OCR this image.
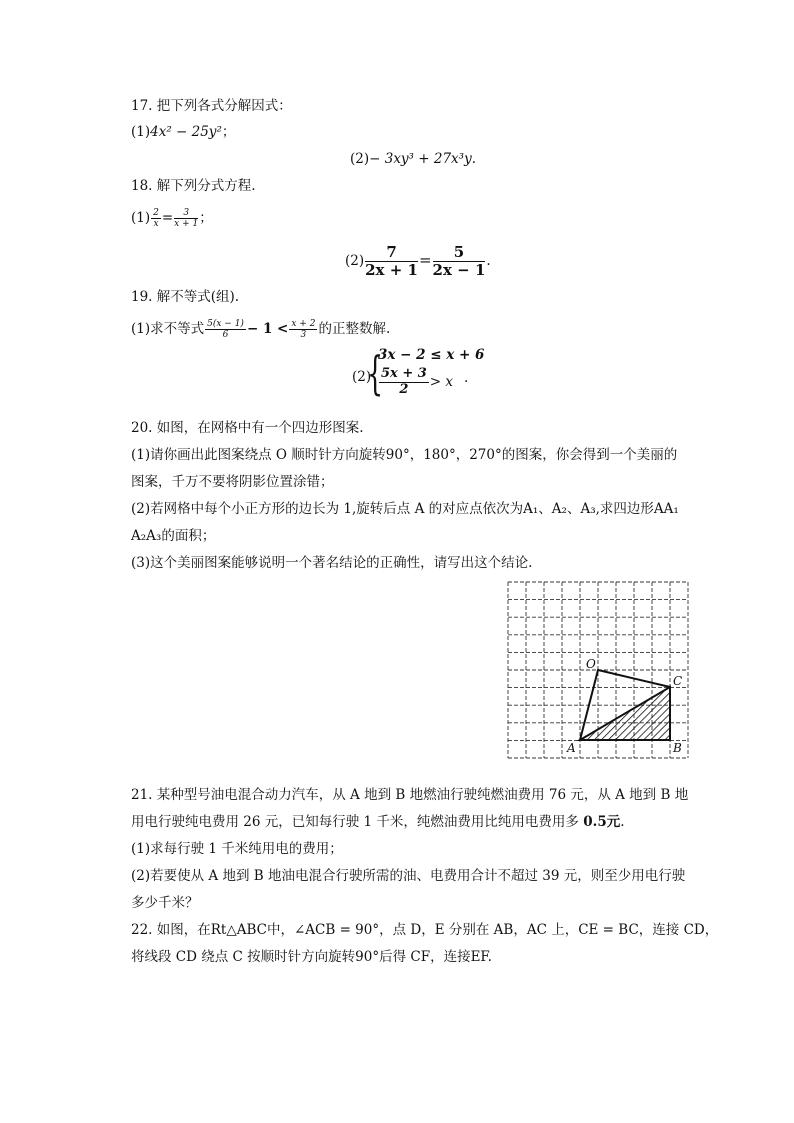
17. 把下列各式分解因式：
(1)4x² − 25y²；
(2)− 3xy³ + 27x³y.
18. 解下列分式方程.
$(1) \frac{2}{x} = \frac{3}{x + 1}$ ；
$(2) \frac{7}{2x + 1} = \frac{5}{2x - 1}$ .
19. 解不等式(组).
(1)求不等式 $\frac{5(x - 1)}{6} - 1 < \frac{x + 2}{3}$ 的正整数解.
(2)
{
3x − 2 ≤ x + 6
$\frac{5x + 3}{2} > x$ .
20. 如图，在网格中有一个四边形图案.
(1)请你画出此图案绕点 O 顺时针方向旋转90°，180°，270°的图案，你会得到一个美丽的
图案，千万不要将阴影位置涂错；
(2)若网格中每个小正方形的边长为 1,旋转后点 A 的对应点依次为A₁、A₂、A₃,求四边形AA₁
A₂A₃的面积；
(3)这个美丽图案能够说明一个著名结论的正确性，请写出这个结论.
O
C
A	B
21. 某种型号油电混合动力汽车，从 A 地到 B 地燃油行驶纯燃油费用 76 元，从 A 地到 B 地
用电行驶纯电费用 26 元，已知每行驶 1 千米，纯燃油费用比纯用电费用多 0.5元.
(1)求每行驶 1 千米纯用电的费用；
(2)若要使从 A 地到 B 地油电混合行驶所需的油、电费用合计不超过 39 元，则至少用电行驶
多少千米？
22. 如图，在Rt△ABC中，∠ACB = 90°，点 D，E 分别在 AB，AC 上，CE = BC，连接 CD，
将线段 CD 绕点 C 按顺时针方向旋转90°后得 CF，连接EF.
